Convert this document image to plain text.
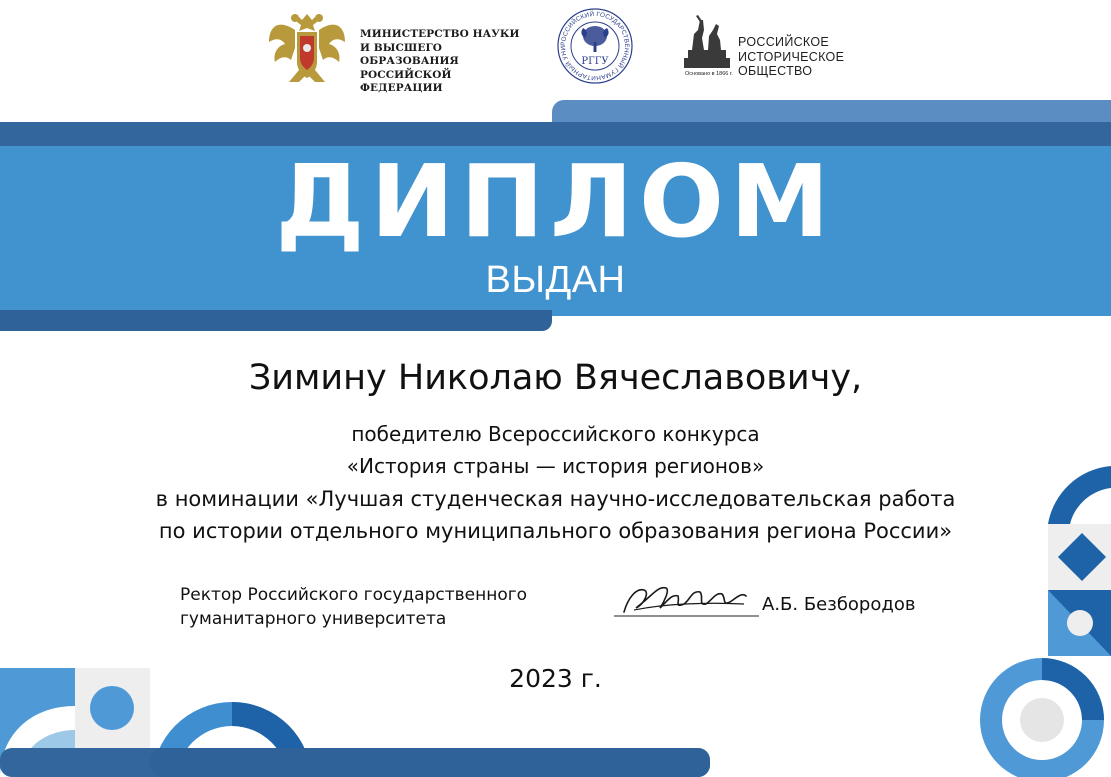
МИНИСТЕРСТВО НАУКИ
И ВЫСШЕГО ОБРАЗОВАНИЯ
РОССИЙСКОЙ ФЕДЕРАЦИИ
РОССИЙСКИЙ ГОСУДАРСТВЕННЫЙ ГУМАНИТАРНЫЙ УНИ
РГГУ
Основано в 1866 г.
РОССИЙСКОЕ
ИСТОРИЧЕСКОЕ
ОБЩЕСТВО
ДИПЛОМ
ВЫДАН
Зимину Николаю Вячеславовичу,
победителю Всероссийского конкурса
«История страны — история регионов»
в номинации «Лучшая студенческая научно-исследовательская работа
по истории отдельного муниципального образования региона России»
Ректор Российского государственного
гуманитарного университета
А.Б. Безбородов
2023 г.
